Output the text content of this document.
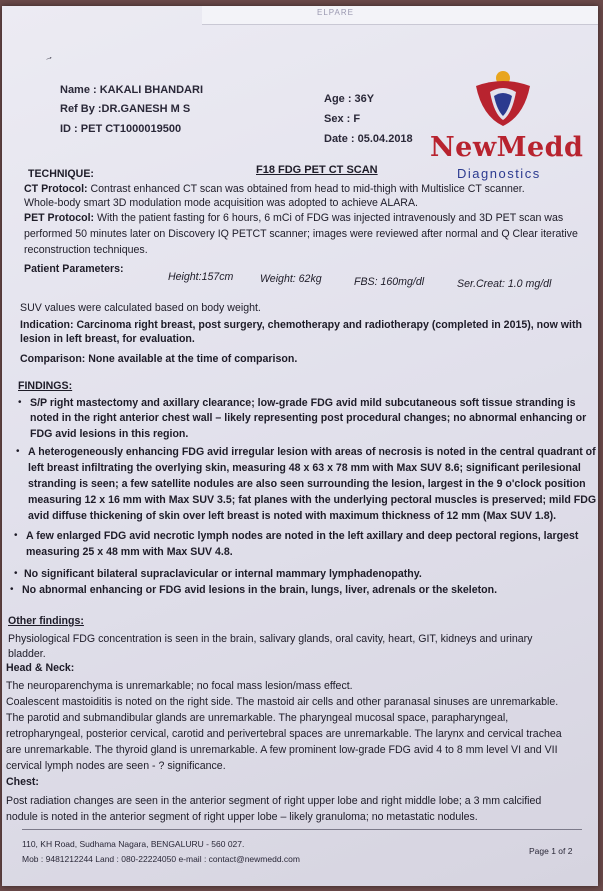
ELPARE
→
Name : KAKALI BHANDARI
Ref By :DR.GANESH M S
ID : PET CT1000019500
Age : 36Y
Sex : F
Date : 05.04.2018 NewMedd
Diagnostics
F18 FDG PET CT SCAN
TECHNIQUE:
CT Protocol: Contrast enhanced CT scan was obtained from head to mid-thigh with Multislice CT scanner.
Whole-body smart 3D modulation mode acquisition was adopted to achieve ALARA.
PET Protocol: With the patient fasting for 6 hours, 6 mCi of FDG was injected intravenously and 3D PET scan was
performed 50 minutes later on Discovery IQ PETCT scanner; images were reviewed after normal and Q Clear iterative
reconstruction techniques.
Patient Parameters:
Height:157cm	Weight: 62kg	FBS: 160mg/dl	Ser.Creat: 1.0 mg/dl
SUV values were calculated based on body weight.
Indication: Carcinoma right breast, post surgery, chemotherapy and radiotherapy (completed in 2015), now with
lesion in left breast, for evaluation.
Comparison: None available at the time of comparison.
FINDINGS:
• S/P right mastectomy and axillary clearance; low-grade FDG avid mild subcutaneous soft tissue stranding is
noted in the right anterior chest wall – likely representing post procedural changes; no abnormal enhancing or
FDG avid lesions in this region.
• A heterogeneously enhancing FDG avid irregular lesion with areas of necrosis is noted in the central quadrant of
left breast infiltrating the overlying skin, measuring 48 x 63 x 78 mm with Max SUV 8.6; significant perilesional
stranding is seen; a few satellite nodules are also seen surrounding the lesion, largest in the 9 o'clock position
measuring 12 x 16 mm with Max SUV 3.5; fat planes with the underlying pectoral muscles is preserved; mild FDG
avid diffuse thickening of skin over left breast is noted with maximum thickness of 12 mm (Max SUV 1.8).
• A few enlarged FDG avid necrotic lymph nodes are noted in the left axillary and deep pectoral regions, largest
measuring 25 x 48 mm with Max SUV 4.8.
• No significant bilateral supraclavicular or internal mammary lymphadenopathy.
• No abnormal enhancing or FDG avid lesions in the brain, lungs, liver, adrenals or the skeleton.
Other findings:
Physiological FDG concentration is seen in the brain, salivary glands, oral cavity, heart, GIT, kidneys and urinary
bladder.
Head & Neck:
The neuroparenchyma is unremarkable; no focal mass lesion/mass effect.
Coalescent mastoiditis is noted on the right side. The mastoid air cells and other paranasal sinuses are unremarkable.
The parotid and submandibular glands are unremarkable. The pharyngeal mucosal space, parapharyngeal,
retropharyngeal, posterior cervical, carotid and perivertebral spaces are unremarkable. The larynx and cervical trachea
are unremarkable. The thyroid gland is unremarkable. A few prominent low-grade FDG avid 4 to 8 mm level VI and VII
cervical lymph nodes are seen - ? significance.
Chest:
Post radiation changes are seen in the anterior segment of right upper lobe and right middle lobe; a 3 mm calcified
nodule is noted in the anterior segment of right upper lobe – likely granuloma; no metastatic nodules.
110, KH Road, Sudhama Nagara, BENGALURU - 560 027.
Mob : 9481212244 Land : 080-22224050 e-mail : contact@newmedd.com
Page 1 of 2
